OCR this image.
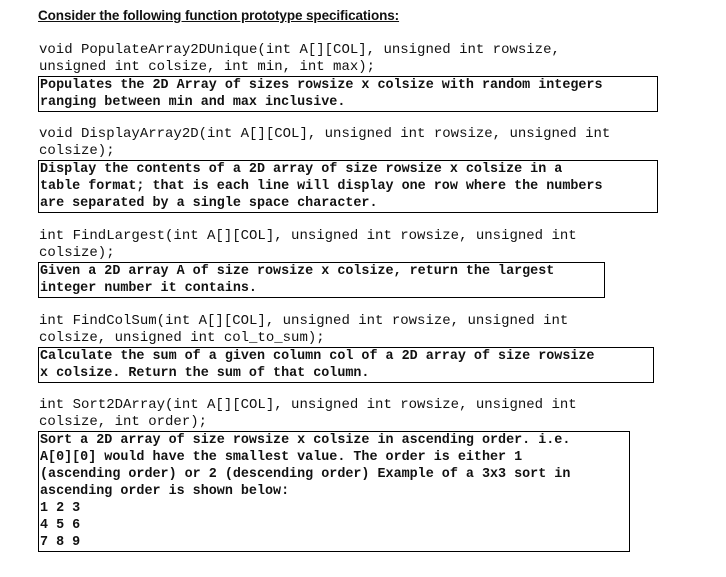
Consider the following function prototype specifications:
void PopulateArray2DUnique(int A[][COL], unsigned int rowsize,
unsigned int colsize, int min, int max);
Populates the 2D Array of sizes rowsize x colsize with random integers
ranging between min and max inclusive.
void DisplayArray2D(int A[][COL], unsigned int rowsize, unsigned int
colsize);
Display the contents of a 2D array of size rowsize x colsize in a
table format; that is each line will display one row where the numbers
are separated by a single space character.
int FindLargest(int A[][COL], unsigned int rowsize, unsigned int
colsize);
Given a 2D array A of size rowsize x colsize, return the largest
integer number it contains.
int FindColSum(int A[][COL], unsigned int rowsize, unsigned int
colsize, unsigned int col_to_sum);
Calculate the sum of a given column col of a 2D array of size rowsize
x colsize. Return the sum of that column.
int Sort2DArray(int A[][COL], unsigned int rowsize, unsigned int
colsize, int order);
Sort a 2D array of size rowsize x colsize in ascending order. i.e.
A[0][0] would have the smallest value. The order is either 1
(ascending order) or 2 (descending order) Example of a 3x3 sort in
ascending order is shown below:
1 2 3
4 5 6
7 8 9
